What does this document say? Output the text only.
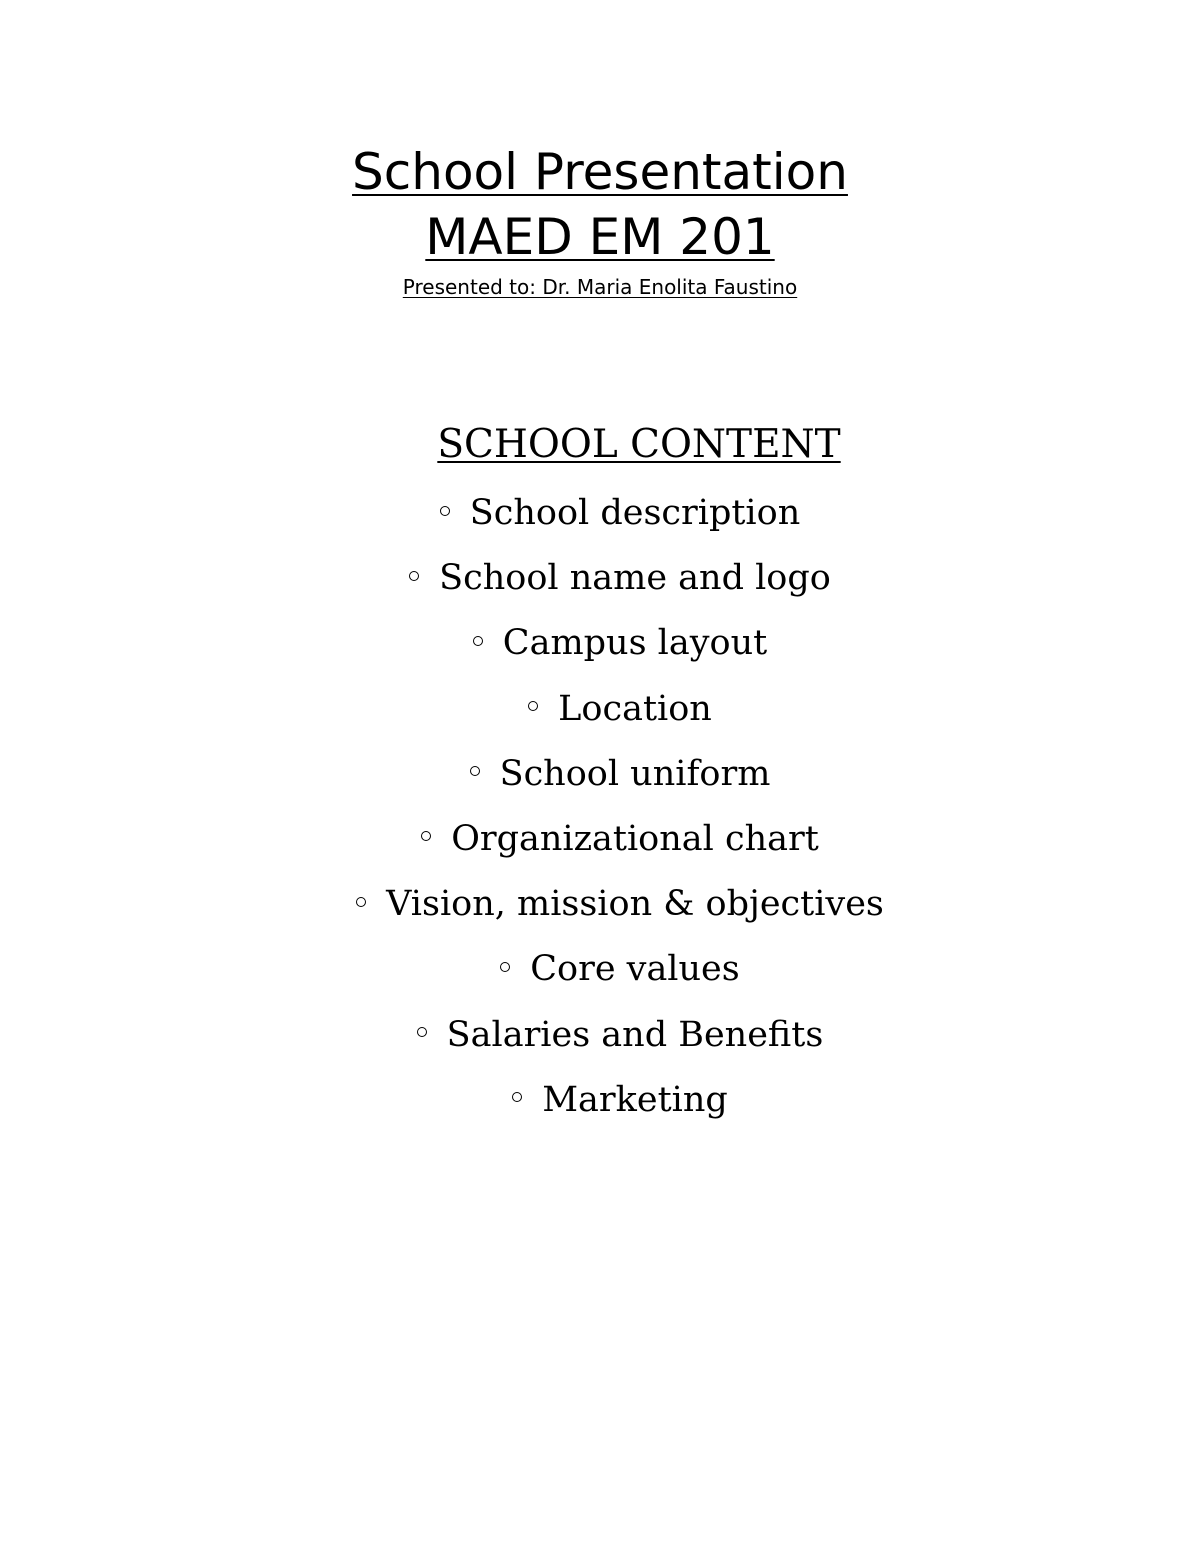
School Presentation
MAED EM 201
Presented to: Dr. Maria Enolita Faustino
SCHOOL CONTENT
School description
School name and logo
Campus layout
Location
School uniform
Organizational chart
Vision, mission & objectives
Core values
Salaries and Benefits
Marketing
